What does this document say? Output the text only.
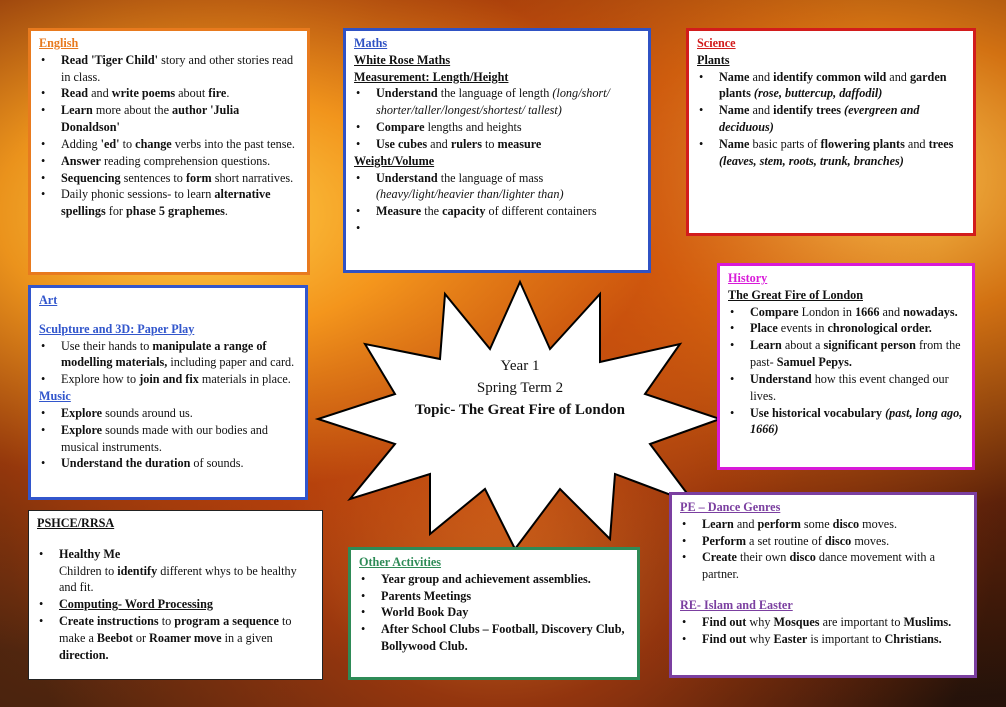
English
• Read 'Tiger Child' story and other stories read in class.
• Read and write poems about fire.
• Learn more about the author 'Julia Donaldson'
• Adding 'ed' to change verbs into the past tense.
• Answer reading comprehension questions.
• Sequencing sentences to form short narratives.
• Daily phonic sessions- to learn alternative spellings for phase 5 graphemes.
Maths
White Rose Maths
Measurement: Length/Height
• Understand the language of length (long/short/ shorter/taller/longest/shortest/ tallest)
• Compare lengths and heights
• Use cubes and rulers to measure
Weight/Volume
• Understand the language of mass (heavy/light/heavier than/lighter than)
• Measure the capacity of different containers
•
Science
Plants
• Name and identify common wild and garden plants (rose, buttercup, daffodil)
• Name and identify trees (evergreen and deciduous)
• Name basic parts of flowering plants and trees (leaves, stem, roots, trunk, branches)
Art
Sculpture and 3D: Paper Play
• Use their hands to manipulate a range of modelling materials, including paper and card.
• Explore how to join and fix materials in place.
Music
• Explore sounds around us.
• Explore sounds made with our bodies and musical instruments.
• Understand the duration of sounds.
Year 1
Spring Term 2
Topic- The Great Fire of London
History
The Great Fire of London
• Compare London in 1666 and nowadays.
• Place events in chronological order.
• Learn about a significant person from the past- Samuel Pepys.
• Understand how this event changed our lives.
• Use historical vocabulary (past, long ago, 1666)
PSHCE/RRSA
• Healthy Me
Children to identify different whys to be healthy and fit.
• Computing- Word Processing
• Create instructions to program a sequence to make a Beebot or Roamer move in a given direction.
Other Activities
• Year group and achievement assemblies.
• Parents Meetings
• World Book Day
• After School Clubs – Football, Discovery Club, Bollywood Club.
PE – Dance Genres
• Learn and perform some disco moves.
• Perform a set routine of disco moves.
• Create their own disco dance movement with a partner.
RE- Islam and Easter
• Find out why Mosques are important to Muslims.
• Find out why Easter is important to Christians.
